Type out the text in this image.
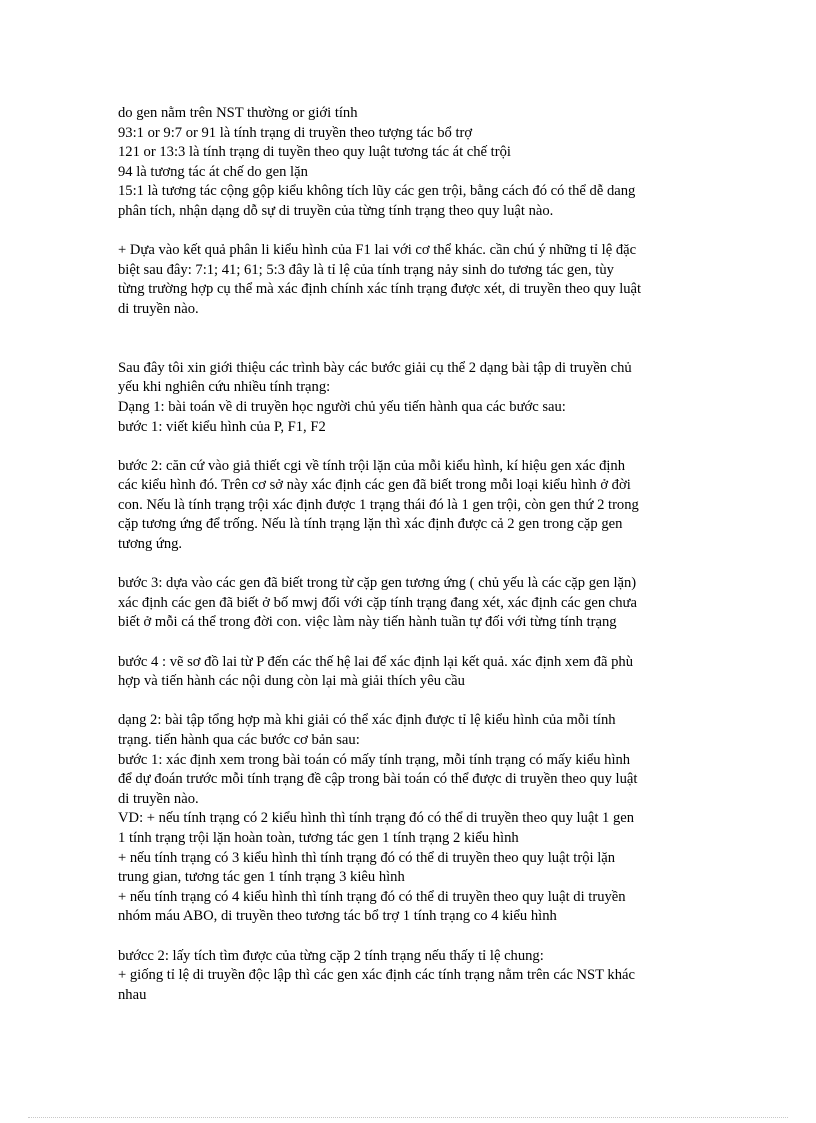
do gen nằm trên NST thường or giới tính
93:1 or 9:7 or 91 là tính trạng di truyền theo tượng tác bổ trợ
121 or 13:3 là tính trạng di tuyền theo quy luật tương tác át chế trội
94 là tương tác át chế do gen lặn
15:1 là tương tác cộng gộp kiểu không tích lũy các gen trội, bằng cách đó có thể dễ dang
phân tích, nhận dạng dỗ sự di truyền của từng tính trạng theo quy luật nào.
+ Dựa vào kết quả phân li kiểu hình của F1 lai với cơ thể khác. cần chú ý những tỉ lệ đặc
biệt sau đây: 7:1; 41; 61; 5:3 đây là tỉ lệ của tính trạng nảy sinh do tương tác gen, tùy
từng trường hợp cụ thể mà xác định chính xác tính trạng được xét, di truyền theo quy luật
di truyền nào.
Sau đây tôi xin giới thiệu các trình bày các bước giải cụ thể 2 dạng bài tập di truyền chủ
yếu khi nghiên cứu nhiều tính trạng:
Dạng 1: bài toán về di truyền học người chủ yếu tiến hành qua các bước sau:
bước 1: viết kiểu hình của P, F1, F2
bước 2: căn cứ vào giả thiết cgi về tính trội lặn của mỗi kiểu hình, kí hiệu gen xác định
các kiểu hình đó. Trên cơ sở này xác định các gen đã biết trong mỗi loại kiểu hình ở đời
con. Nếu là tính trạng trội xác định được 1 trạng thái đó là 1 gen trội, còn gen thứ 2 trong
cặp tương ứng để trống. Nếu là tính trạng lặn thì xác định được cả 2 gen trong cặp gen
tương ứng.
bước 3: dựa vào các gen đã biết trong từ cặp gen tương ứng ( chủ yếu là các cặp gen lặn)
xác định các gen đã biết ở bố mwj đối với cặp tính trạng đang xét, xác định các gen chưa
biết ở mỗi cá thể trong đời con. việc làm này tiến hành tuần tự đối với từng tính trạng
bước 4 : vẽ sơ đồ lai từ P đến các thế hệ lai để xác định lại kết quả. xác định xem đã phù
hợp và tiến hành các nội dung còn lại mà giải thích yêu cầu
dạng 2: bài tập tổng hợp mà khi giải có thể xác định được tỉ lệ kiểu hình của mỗi tính
trạng. tiến hành qua các bước cơ bản sau:
bước 1: xác định xem trong bài toán có mấy tính trạng, mỗi tính trạng có mấy kiểu hình
để dự đoán trước mỗi tính trạng đề cập trong bài toán có thể được di truyền theo quy luật
di truyền nào.
VD: + nếu tính trạng có 2 kiểu hình thì tính trạng đó có thể di truyền theo quy luật 1 gen
1 tính trạng trội lặn hoàn toàn, tương tác gen 1 tính trạng 2 kiểu hình
+ nếu tính trạng có 3 kiểu hình thì tính trạng đó có thể di truyền theo quy luật trội lặn
trung gian, tương tác gen 1 tính trạng 3 kiêu hình
+ nếu tính trạng có 4 kiểu hình thì tính trạng đó có thể di truyền theo quy luật di truyền
nhóm máu ABO, di truyền theo tương tác bổ trợ 1 tính trạng co 4 kiểu hình
bướcc 2: lấy tích tìm được của từng cặp 2 tính trạng nếu thấy tỉ lệ chung:
+ giống tỉ lệ di truyền độc lập thì các gen xác định các tính trạng nằm trên các NST khác
nhau
